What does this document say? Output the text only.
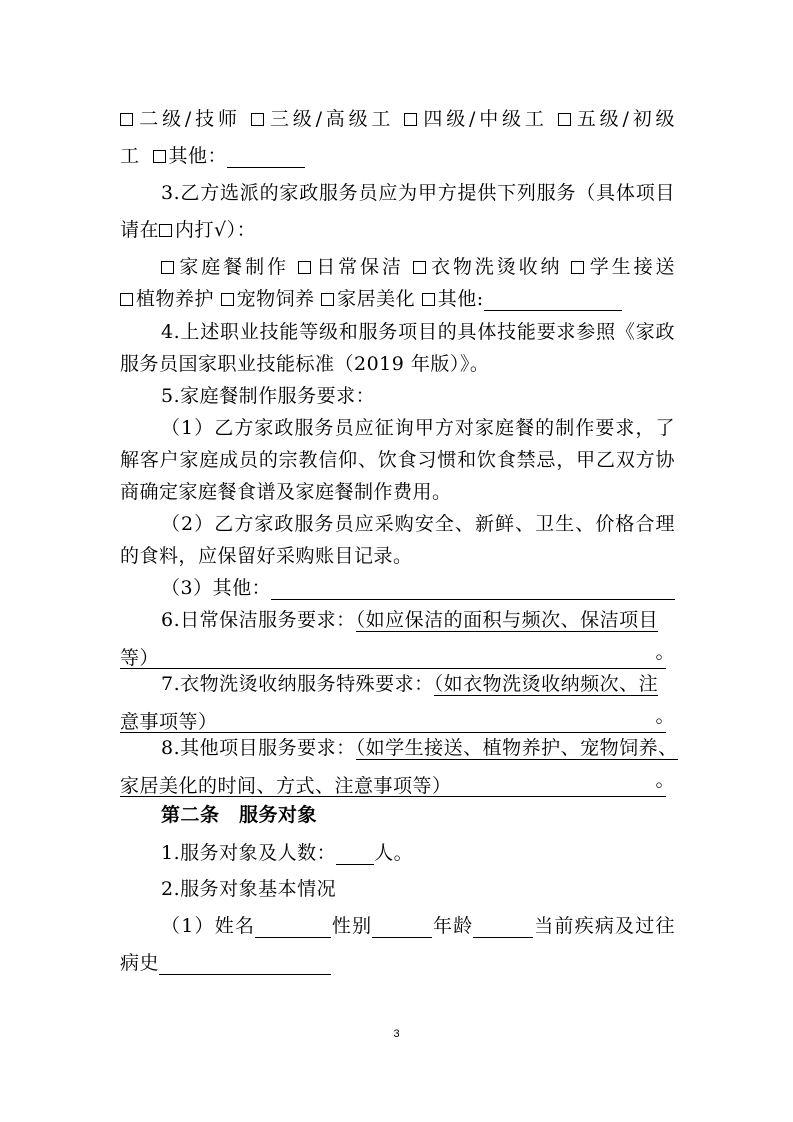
二级/技师 三级/高级工 四级/中级工 五级/初级
工 其他：
3.乙方选派的家政服务员应为甲方提供下列服务（具体项目
请在 内打√）：
家庭餐制作 日常保洁 衣物洗烫收纳 学生接送
植物养护 宠物饲养 家居美化 其他:
4.上述职业技能等级和服务项目的具体技能要求参照《家政
服务员国家职业技能标准（2019 年版）》。
5.家庭餐制作服务要求：
（1）乙方家政服务员应征询甲方对家庭餐的制作要求，了
解客户家庭成员的宗教信仰、饮食习惯和饮食禁忌，甲乙双方协
商确定家庭餐食谱及家庭餐制作费用。
（2）乙方家政服务员应采购安全、新鲜、卫生、价格合理
的食料，应保留好采购账目记录。
（3）其他：
6.日常保洁服务要求：（如应保洁的面积与频次、保洁项目
等）	。
7.衣物洗烫收纳服务特殊要求：（如衣物洗烫收纳频次、注
意事项等）	。
8.其他项目服务要求：（如学生接送、植物养护、宠物饲养、
家居美化的时间、方式、注意事项等）	。
第二条　服务对象
1.服务对象及人数： 人。
2.服务对象基本情况
（1）姓名	性别	年龄	当前疾病及过往
病史
3
